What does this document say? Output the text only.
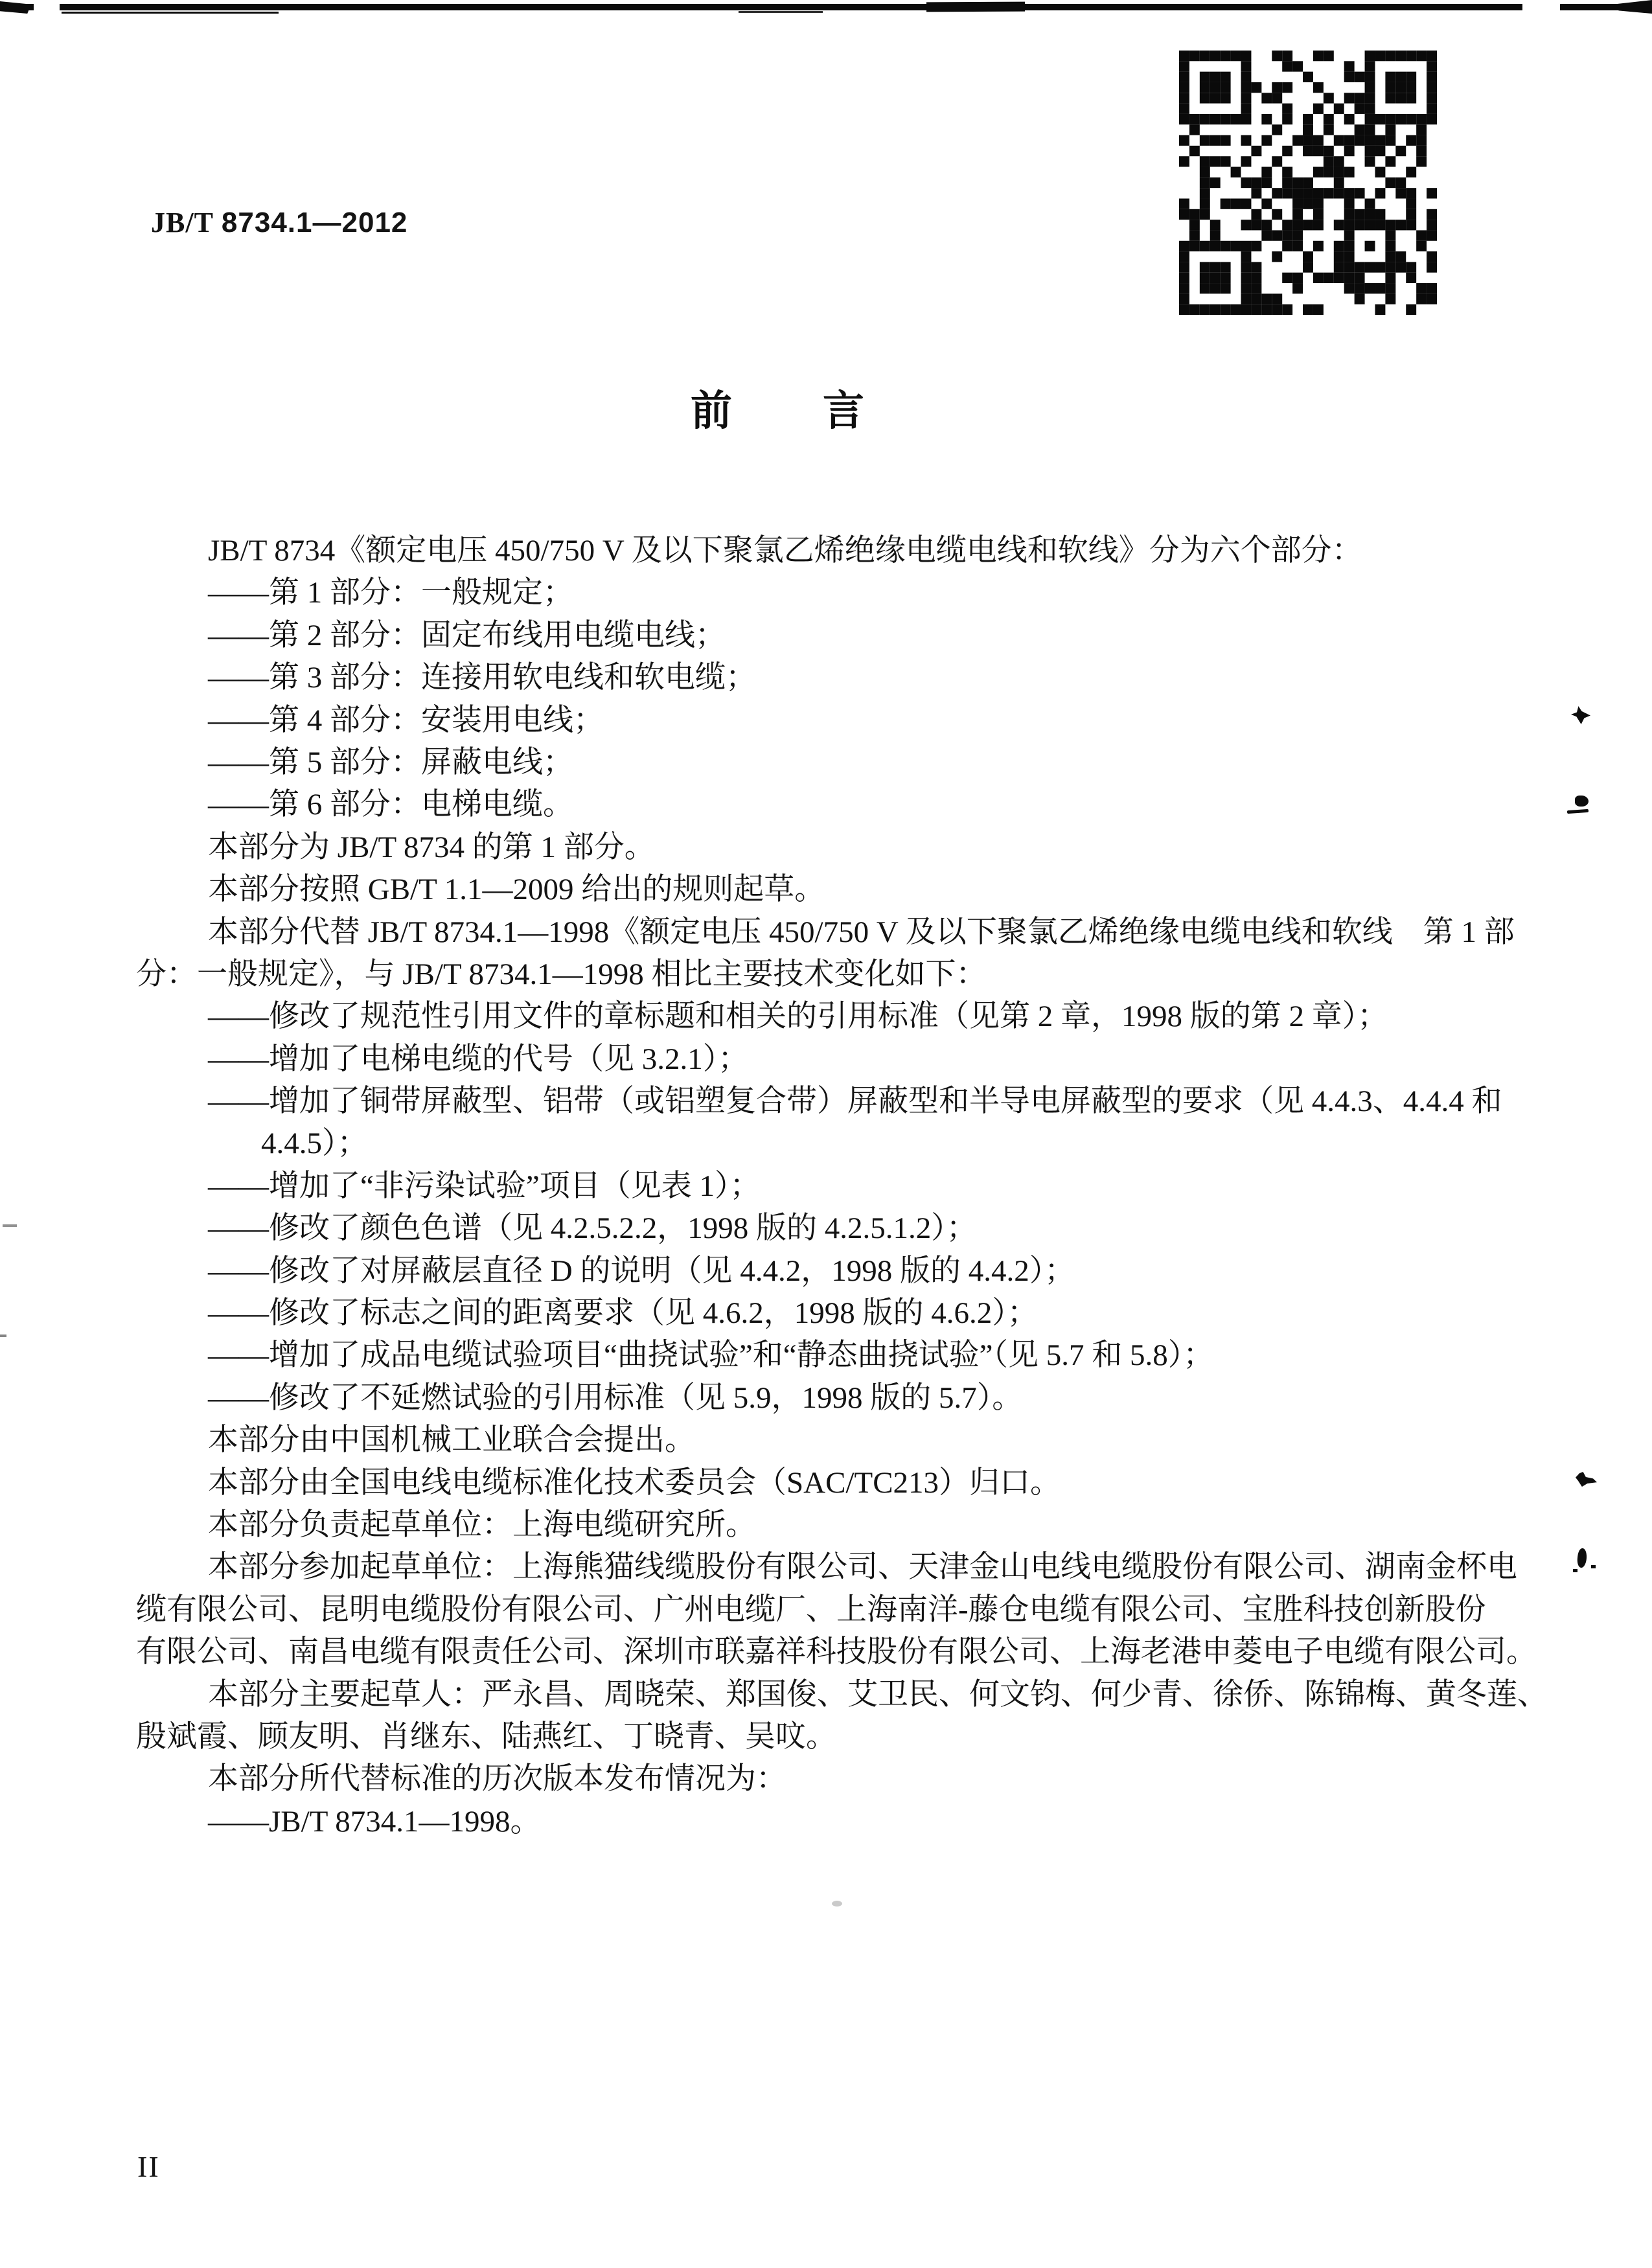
JB/T 8734.1—2012
前 言
JB/T 8734《额定电压 450/750 V 及以下聚氯乙烯绝缘电缆电线和软线》分为六个部分：
——第 1 部分：一般规定；
——第 2 部分：固定布线用电缆电线；
——第 3 部分：连接用软电线和软电缆；
——第 4 部分：安装用电线；
——第 5 部分：屏蔽电线；
——第 6 部分：电梯电缆。
本部分为 JB/T 8734 的第 1 部分。
本部分按照 GB/T 1.1—2009 给出的规则起草。
本部分代替 JB/T 8734.1—1998《额定电压 450/750 V 及以下聚氯乙烯绝缘电缆电线和软线　第 1 部
分：一般规定》，与 JB/T 8734.1—1998 相比主要技术变化如下：
——修改了规范性引用文件的章标题和相关的引用标准（见第 2 章，1998 版的第 2 章）；
——增加了电梯电缆的代号（见 3.2.1）；
——增加了铜带屏蔽型、铝带（或铝塑复合带）屏蔽型和半导电屏蔽型的要求（见 4.4.3、4.4.4 和
4.4.5）；
——增加了“非污染试验”项目（见表 1）；
——修改了颜色色谱（见 4.2.5.2.2，1998 版的 4.2.5.1.2）；
——修改了对屏蔽层直径 D 的说明（见 4.4.2，1998 版的 4.4.2）；
——修改了标志之间的距离要求（见 4.6.2，1998 版的 4.6.2）；
——增加了成品电缆试验项目“曲挠试验”和“静态曲挠试验”（见 5.7 和 5.8）；
——修改了不延燃试验的引用标准（见 5.9，1998 版的 5.7）。
本部分由中国机械工业联合会提出。
本部分由全国电线电缆标准化技术委员会（SAC/TC213）归口。
本部分负责起草单位：上海电缆研究所。
本部分参加起草单位：上海熊猫线缆股份有限公司、天津金山电线电缆股份有限公司、湖南金杯电
缆有限公司、昆明电缆股份有限公司、广州电缆厂、上海南洋-藤仓电缆有限公司、宝胜科技创新股份
有限公司、南昌电缆有限责任公司、深圳市联嘉祥科技股份有限公司、上海老港申菱电子电缆有限公司。
本部分主要起草人：严永昌、周晓荣、郑国俊、艾卫民、何文钧、何少青、徐侨、陈锦梅、黄冬莲、
殷斌霞、顾友明、肖继东、陆燕红、丁晓青、吴呅。
本部分所代替标准的历次版本发布情况为：
——JB/T 8734.1—1998。
II
